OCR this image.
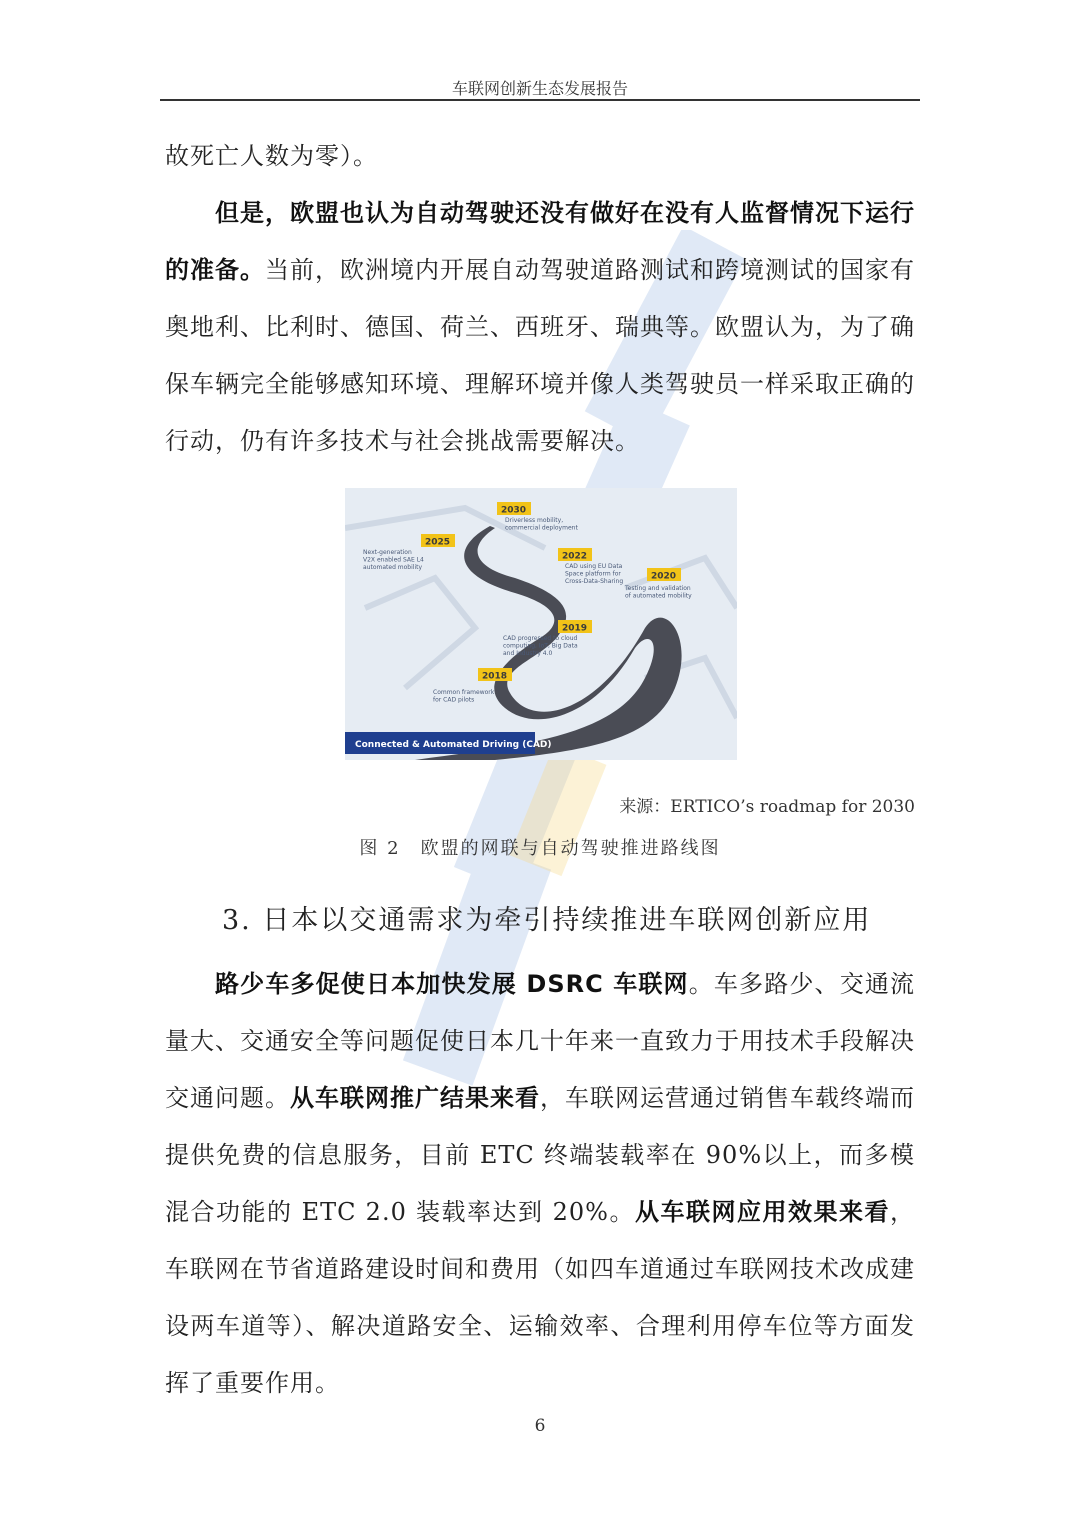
车联网创新生态发展报告

故死亡人数为零）。

但是，欧盟也认为自动驾驶还没有做好在没有人监督情况下运行的准备。当前，欧洲境内开展自动驾驶道路测试和跨境测试的国家有奥地利、比利时、德国、荷兰、西班牙、瑞典等。欧盟认为，为了确保车辆完全能够感知环境、理解环境并像人类驾驶员一样采取正确的行动，仍有许多技术与社会挑战需要解决。

Connected & Automated Driving (CAD)
2030
Driverless mobility,
commercial deployment
2025
Next-generation
V2X enabled SAE L4
automated mobility
2022
CAD using EU Data
Space platform for
Cross-Data-Sharing	2020
Testing and validation
of automated mobility
2019
CAD progressed to cloud
computing, IoT, Big Data
and Industry 4.0
2018
Common framework
for CAD pilots
来源：ERTICO’s roadmap for 2030
图 2　欧盟的网联与自动驾驶推进路线图
3. 日本以交通需求为牵引持续推进车联网创新应用

路少车多促使日本加快发展 DSRC 车联网。车多路少、交通流量大、交通安全等问题促使日本几十年来一直致力于用技术手段解决交通问题。从车联网推广结果来看，车联网运营通过销售车载终端而提供免费的信息服务，目前 ETC 终端装载率在 90%以上，而多模混合功能的 ETC 2.0 装载率达到 20%。从车联网应用效果来看，车联网在节省道路建设时间和费用（如四车道通过车联网技术改成建设两车道等）、解决道路安全、运输效率、合理利用停车位等方面发挥了重要作用。

6
